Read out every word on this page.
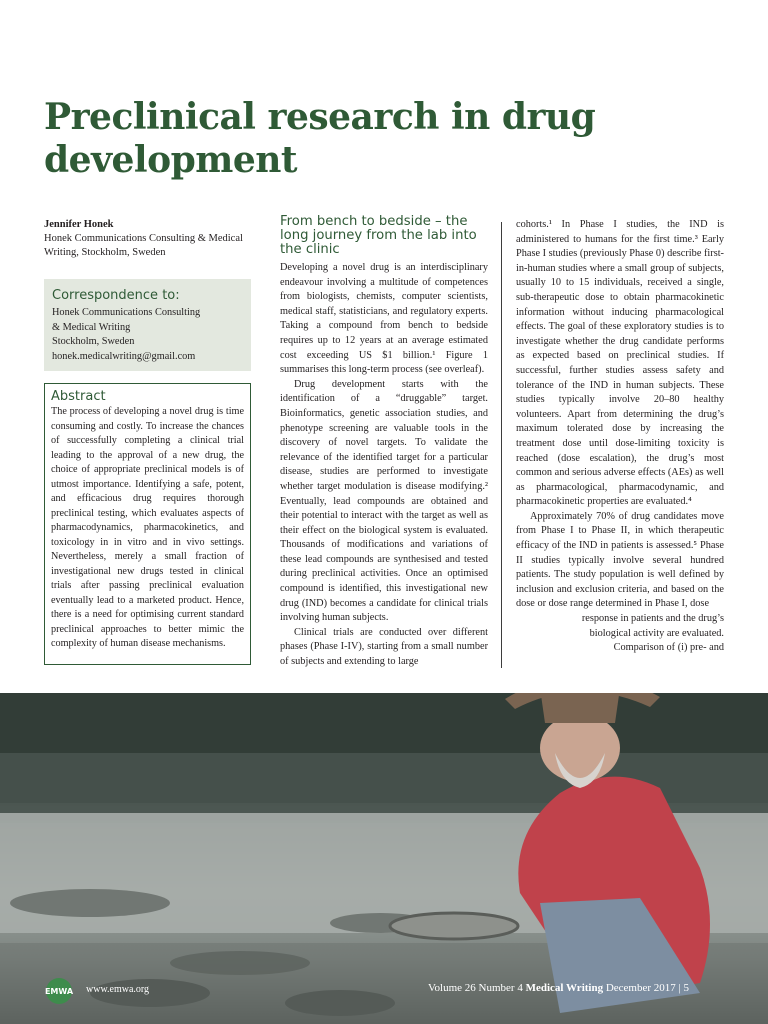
Preclinical research in drug development
Jennifer Honek
Honek Communications Consulting & Medical Writing, Stockholm, Sweden
Correspondence to:
Honek Communications Consulting
& Medical Writing
Stockholm, Sweden
honek.medicalwriting@gmail.com
Abstract
The process of developing a novel drug is time consuming and costly. To increase the chances of successfully completing a clinical trial leading to the approval of a new drug, the choice of appropriate preclinical models is of utmost importance. Identifying a safe, potent, and efficacious drug requires thorough preclinical testing, which evaluates aspects of pharmacodynamics, pharmacokinetics, and toxicology in in vitro and in vivo settings. Nevertheless, merely a small fraction of investigational new drugs tested in clinical trials after passing preclinical evaluation eventually lead to a marketed product. Hence, there is a need for optimising current standard preclinical approaches to better mimic the complexity of human disease mechanisms.
From bench to bedside – the long journey from the lab into the clinic

Developing a novel drug is an interdisciplinary endeavour involving a multitude of competences from biologists, chemists, computer scientists, medical staff, statisticians, and regulatory experts. Taking a compound from bench to bedside requires up to 12 years at an average estimated cost exceeding US $1 billion.¹ Figure 1 summarises this long-term process (see overleaf).

Drug development starts with the identification of a “druggable” target. Bioinformatics, genetic association studies, and phenotype screening are valuable tools in the discovery of novel targets. To validate the relevance of the identified target for a particular disease, studies are performed to investigate whether target modulation is disease modifying.² Eventually, lead compounds are obtained and their potential to interact with the target as well as their effect on the biological system is evaluated. Thousands of modifications and variations of these lead compounds are synthesised and tested during preclinical activities. Once an optimised compound is identified, this investigational new drug (IND) becomes a candidate for clinical trials involving human subjects.

Clinical trials are conducted over different phases (Phase I-IV), starting from a small number of subjects and extending to large

cohorts.¹ In Phase I studies, the IND is administered to humans for the first time.³ Early Phase I studies (previously Phase 0) describe first-in-human studies where a small group of subjects, usually 10 to 15 individuals, received a single, sub-therapeutic dose to obtain pharmacokinetic information without inducing pharmacological effects. The goal of these exploratory studies is to investigate whether the drug candidate performs as expected based on preclinical studies. If successful, further studies assess safety and tolerance of the IND in human subjects. These studies typically involve 20–80 healthy volunteers. Apart from determining the drug’s maximum tolerated dose by increasing the treatment dose until dose-limiting toxicity is reached (dose escalation), the drug’s most common and serious adverse effects (AEs) as well as pharmacological, pharmacodynamic, and pharmacokinetic properties are evaluated.⁴

Approximately 70% of drug candidates move from Phase I to Phase II, in which therapeutic efficacy of the IND in patients is assessed.⁵ Phase II studies typically involve several hundred patients. The study population is well defined by inclusion and exclusion criteria, and based on the dose or dose range determined in Phase I, dose

response in patients and the drug’s biological activity are evaluated. Comparison of (i) pre- and
EMWA www.emwa.org	Volume 26 Number 4 Medical Writing December 2017 | 5
